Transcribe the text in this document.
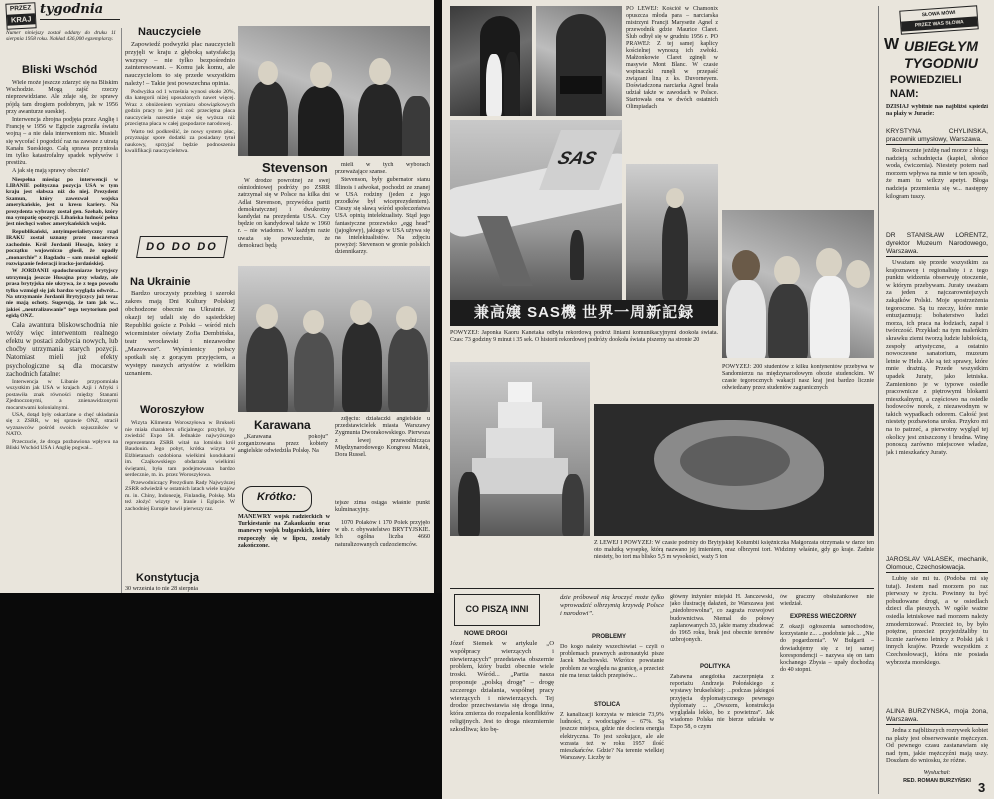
PRZEZ
KRAJ
tygodnia
Numer niniejszy został oddany do druku 11 sierpnia 1958 roku. Nakład 436,000 egzemplarzy.
Bliski Wschód

Wiele może jeszcze zdarzyć się na Bliskim Wschodzie. Mogą zajść rzeczy nieprzewidziane. Ale zdaje się, że sprawy pójdą tam drogiem podobnym, jak w 1956 przy awanturze sueskiej.

Interwencja zbrojna podjęta przez Anglię i Francję w 1956 w Egipcie zagroziła światu wojną – a nie dała interwentom nic. Musieli się wycofać i pogodzić raz na zawsze z utratą Kanału Sueskiego. Całą sprawa przyniosła im tylko katastrofalny spadek wpływów i prestiżu.

A jak się mają sprawy obecnie?

Niespełna miesiąc po interwencji w LIBANIE polityczna pozycja USA w tym kraju jest słabsza niż do niej. Prezydent Szamun, który zawezwał wojska amerykańskie, jest u kresu kariery. Na prezydenta wybrany został gen. Szehab, który ma sympatię opozycji. Libańska ludność pełna jest niechęci wobec amerykańskich wojsk.

Republikański, antyimperialistyczny rząd IRAKU został uznany przez mocarstwa zachodnie. Król Jordanii Husajn, który z początku wojowniczo głosił, że upadły „monarchie” z Bagdadu – sam musiał ogłosić rozwiązanie federacji iracko-jordańskiej.

W JORDANII spadochroniarze brytyjscy utrzymują jeszcze Husajna przy władzy, ale prasa brytyjska nie ukrywa, że z tego powodu tylko wzmógł się jak bardzo wygląda odwrót... Na utrzymanie Jordanii Brytyjczycy już teraz nie mają ochoty. Sugerują, że tam jak w... jakieś „neutralizowanie” tego terytorium pod egidą ONZ.

Cała awantura bliskowschodnia nie wróży więc interwentom realnego efektu w postaci zdobycia nowych, lub choćby utrzymania starych pozycji. Natomiast mieli już efekty psychologiczne są dla mocarstw zachodnich fatalne:

Interwencja w Libanie przypomniała wszystkim jak USA w krajach Azji i Afryki i postawiła znak równości między Stanami Zjednoczonymi, a znienawidzonymi mocarstwami kolonialnymi.

USA, dotąd były oskarżane o chęć układania się z ZSRR, w tej sprawie ONZ, stracił wyznawców pośród swoich sojuszników w NATO.

Przeczucie, że droga pozbawiona wpływu na Bliski Wschód USA i Anglię pogwał...

Nauczyciele

Zapowiedź podwyżki płac nauczycieli przyjęli w kraju z głęboką satysfakcją wszyscy – nie tylko bezpośrednio zainteresowani. – Komu jak komu, ale nauczycielom to się przede wszystkim należy! – Takie jest powszechna opinia.

Podwyżka od 1 września wynosi około 20%, dla kategorii niżej uposażonych nawet więcej. Wraz z obniżeniem wymiaru obowiązkowych godzin pracy to jest już coś: przeciętna płaca nauczyciela naresztie staje się wyższa niż przeciętna płaca w całej gospodarce narodowej.

Warto też podkreślić, że nowy system płac, przyznając spore dodatki za posiadany tytuł naukowy, sprzyjać będzie podnoszeniu kwalifikacji nauczycielstwa.

Stevenson

W drodze powrotnej ze swej ośmiodniowej podróży po ZSRR zatrzymał się w Polsce na kilka dni Adlai Stevenson, przywódca partii demokratycznej i dwukrotny kandydat na prezydenta USA. Czy będzie on kandydował także w 1960 r. – nie wiadomo. W każdym razie uważa się powszechnie, że demokraci będą

mieli w tych wyborach przeważające szanse.

Stevenson, były gubernator stanu Illinois i adwokat, pochodzi ze znanej w USA rodziny (jeden z jego przodków był wiceprezydentem). Cieszy się sławą wśród społeczeństwa USA opinią intelektualisty. Stąd jego fantastyczne przezwisko „egg head” (jajogłowy), jakiego w USA używa się na intelektualistów. Na zdjęciu powyżej: Stevenson w gronie polskich dziennikarzy.

DO DO DO
Na Ukrainie

Bardzo uroczysty przebieg i szeroki zakres mają Dni Kultury Polskiej obchodzone obecnie na Ukrainie. Z okazji tej udali się do sąsiedzkiej Republiki goście z Polski – wśród nich wiceminister oświaty Zofia Dembińska, teatr wrocławski i niezawodne „Mazowsze”. Wyśmienicy polscy spotkali się z gorącym przyjęciem, a występy naszych artystów z wielkim uznaniem.

Woroszyłow

Wizyta Klimenta Woroszyłowa w Brukseli nie miała charakteru oficjalnego: przybył, by zwiedzić Expo 58. Jednakże najwyższego reprezentanta ZSRR witał na lotnisku król Baudouin. Jego pobyt, krótka wizyta w Elżbietanach ozdobiona wielkimi kondukami im. Czajkowskiego obdarzała wielkimi świętami, była tam podejmowana bardzo serdecznie, m. in. przez Woroszyłowa.

Przewodniczący Prezydium Rady Najwyższej ZSRR odwiedził w ostatnich latach wiele krajów m. in. Chiny, Indonezję, Finlandię, Polskę. Ma też złożyć wizyty w Iranie i Egipcie. W zachodniej Europie bawił pierwszy raz.

Karawana

„Karawana pokoju” zorganizowana przez kobiety angielskie odwiedziła Polskę. Na

zdjęciu: działaczki angielskie u przedstawicielek miasta Warszawy Zygmunta Dworakowskiego. Pierwsza z lewej przewodnicząca Międzynarodowego Kongresu Matek, Dora Russel.

tejsze zima osiąga właśnie punkt kulminacyjny.
Krótko:

MANEWRY wojsk radzieckich w Turkiestanie na Zakaukaziu oraz manewry wojsk bułgarskich, które rozpoczęły się w lipcu, zostały zakończone.

1070 Polaków i 170 Polek przyjęło w ub. r. obywatelstwo BRYTYJSKIE. Ich ogólna liczba 4660 naturalizowanych cudzoziemców.

Konstytucja
30 września to nie 28 sierpnia
PO LEWEJ: Kościół w Chamonix opuszcza młoda para – narciarska mistrzyni Francji Marysette Agnel z przewodnik gdzie Maurice Claret. Ślub odbył się w grudniu 1956 r. PO PRAWEJ: Z tej samej kaplicy kościelnej wynoszą ich zwłoki. Małżonkowie Claret zginęli w masywie Mont Blanc. W czasie wspinaczki runęli w przepaść związani liną z ks. Duvorneyem. Doświadczona narciarka Agnel brała udział także w zawodach w Polsce. Startowała ona w dwóch ostatnich Olimpiadach
SAS
兼高嬢 SAS機 世界一周新記録
POWYŻEJ: Japonka Kaoru Kanetaka odbyła rekordową podróż liniami komunikacyjnymi dookoła świata. Czas: 73 godziny 9 minut i 35 sek. O historii rekordowej podróży dookoła świata piszemy na stronie 20
POWYŻEJ: 200 studentów z kilku kontynentów przebywa w Sandomierzu na międzynarodowym obozie studenckim. W czasie tegorocznych wakacji nasz kraj jest bardzo licznie odwiedzany przez studentów zagranicznych
Z LEWEJ I POWYŻEJ: W czasie podróży do Brytyjskiej Kolumbii księżniczka Małgorzata otrzymała w darze ten oto malutką wysepkę, którą nazwano jej imieniem, oraz olbrzymi tort. Widzimy właśnie, gdy go kraje. Żadnie niestety, bo tort ma blisko 5,5 m wysokości, waży 5 ton
CO PISZĄ INNI
NOWE DROGI
Józef Siemek w artykule „O współpracy wierzących i niewierzących” przedstawia obszernie problem, który budzi obecnie wiele troski. Wśród... „Partia nasza proponuje „polską drogę” – drogę szczerego działania, współnej pracy wierzących i niewierzących. Tej drodze przeciwstawia się droga inna, która zmierza do rozpalenia konfliktów religijnych. Jest to droga niezmiernie szkodliwa; kto bę-
dzie próbował nią kroczyć może tylko wprowadzić olbrzymią krzywdę Polsce i narodowi”.
PROBLEMY
Do kogo należy wszechświat – czyli o problemach prawnych astronautyki pisze Jacek Machowski. Wkrótce powstanie problem ze względu na granicę, a przecież nie ma teraz takich przepisów...
STOLICA
Z kanalizacji korzysta w mieście 73,9% ludności, z wodociągów – 67%. Są jeszcze miejsca, gdzie nie dociera energia elektryczna. To jest szokujące, ale ale wzrasta też w roku 1957 ilość mieszkańców. Gdzie? Na terenie wielkiej Warszawy. Liczby te
główny inżynier miejski H. Janczewski, jako ilustrację dałażeń, że Warszawa jest „niedobrowolna”, co zagraża rozwojowi budownictwa. Niemal do połowy zaplanowanych 33, jakie mamy zbudować do 1965 roku, brak jest obecnie terenów uzbrojonych.
POLITYKA
Zabawna anegdotka zaczerpnięta z reportażu Andrzeja Połońskiego z wystawy brukselskiej: ...podczas jakiegoś przyjęcia dyplomatycznego pewnego dyplomaty ... „Owszem, konstrukcja wyglądała lekko, bo z powietrza”. Jak wiadomo Polska nie bierze udziału w Expo 58, o czym
ów graczny obsłużankowe nie wiedział.
EXPRESS WIECZORNY
Z okazji ogłoszenia samochodów, korzystanie z... ...podobnie jak ... „Nie do pogardzenia”. W Bułgarii – dowiadujemy się z tej samej korespondencji – nazywa się on tam kochanego Zbysia – upały dochodzą do 40 stopni.
SŁOWA MÓWI
PRZEZ WAS SŁOWA
W UBIEGŁYM
TYGODNIU
POWIEDZIELI
NAM:
DZISIAJ wybitnie nas najbliżsi sąsiedzi na plaży w Juracie:

KRYSTYNA CHYLIŃSKA, pracownik umysłowy, Warszawa.

Rokrocznie jeżdżę nad morze z błogą nadzieją schudnięcia (kapiel, słońce woda, ćwiczenia). Niestety potem nad morzem wpływa na mnie w ten sposób, że mam tu wilczy apetyt. Błoga nadzieja przemienia się w... następny kilogram tuszy.

DR STANISŁAW LORENTZ, dyrektor Muzeum Narodowego, Warszawa.

Uważam się przede wszystkim za krajoznawcę i regionalistę i z tego punktu widzenia obserwuję otoczenie, w którym przebywam. Juraty uważam za jeden z najczarowniejszych zakątków Polski. Moje spostrzeżenia tegoroczne. Są tu rzeczy, które mnie entuzjazmują: bohaterstwo ludzi morza, ich praca na łodziach, zapał i twórczość. Przykład: na tym maleńkim skrawku ziemi tworzą ludzie lubiłością, zespoły artystyczne, a ostatnio nowoczesne sanatorium, muzeum letnie w Helu. Ale są też sprawy, które mnie drażnią. Przede wszystkim upadek Juraty, jako letniska. Zamieniono je w typowe osiedle pracownicze z piętrowymi blokami mieszkalnymi, a częściowo na osiedle hodowców norek, z niezawodnym w takich wypadkach odorem. Całość jest niestety pozbawiona uroku. Przykro mi na to patrzeć, a pierwotny wygląd tej okolicy jest zniszczony i brudna. Winę ponoszą zarówno miejscowe władze, jak i mieszkańcy Juraty.

JAROSLAV VALÁSEK, mechanik, Olomouc, Czechosłowacja.

Lubię sie mi tu. (Podoba mi się tutaj). Jestem nad morzem po raz pierwszy w życiu. Powinny tu być pobudowane drogi, a w osiedlach dzieci dla pieszych. W ogóle ważne osiedla letniskowe nad morzem należy zmodernizować. Przecież to, by było potężne, przecież przyjeżdżaliby tu licznie zarówno letnicy z Polski jak i innych krajów. Przede wszystkim z Czechosłowacji, która nie posiada wybrzeża morskiego.

ALINA BURZYŃSKA, moja żona, Warszawa.

Jedna z najbliższych rozrywek kobiet na plaży jest obserwowanie mężczyzn. Od pewnego czasu zastanawiam się nad tym, jakie mężczyźni mają uszy. Doszłam do wniosku, że różne.

Wysłuchał:

RED. ROMAN BURZYŃSKI 3
